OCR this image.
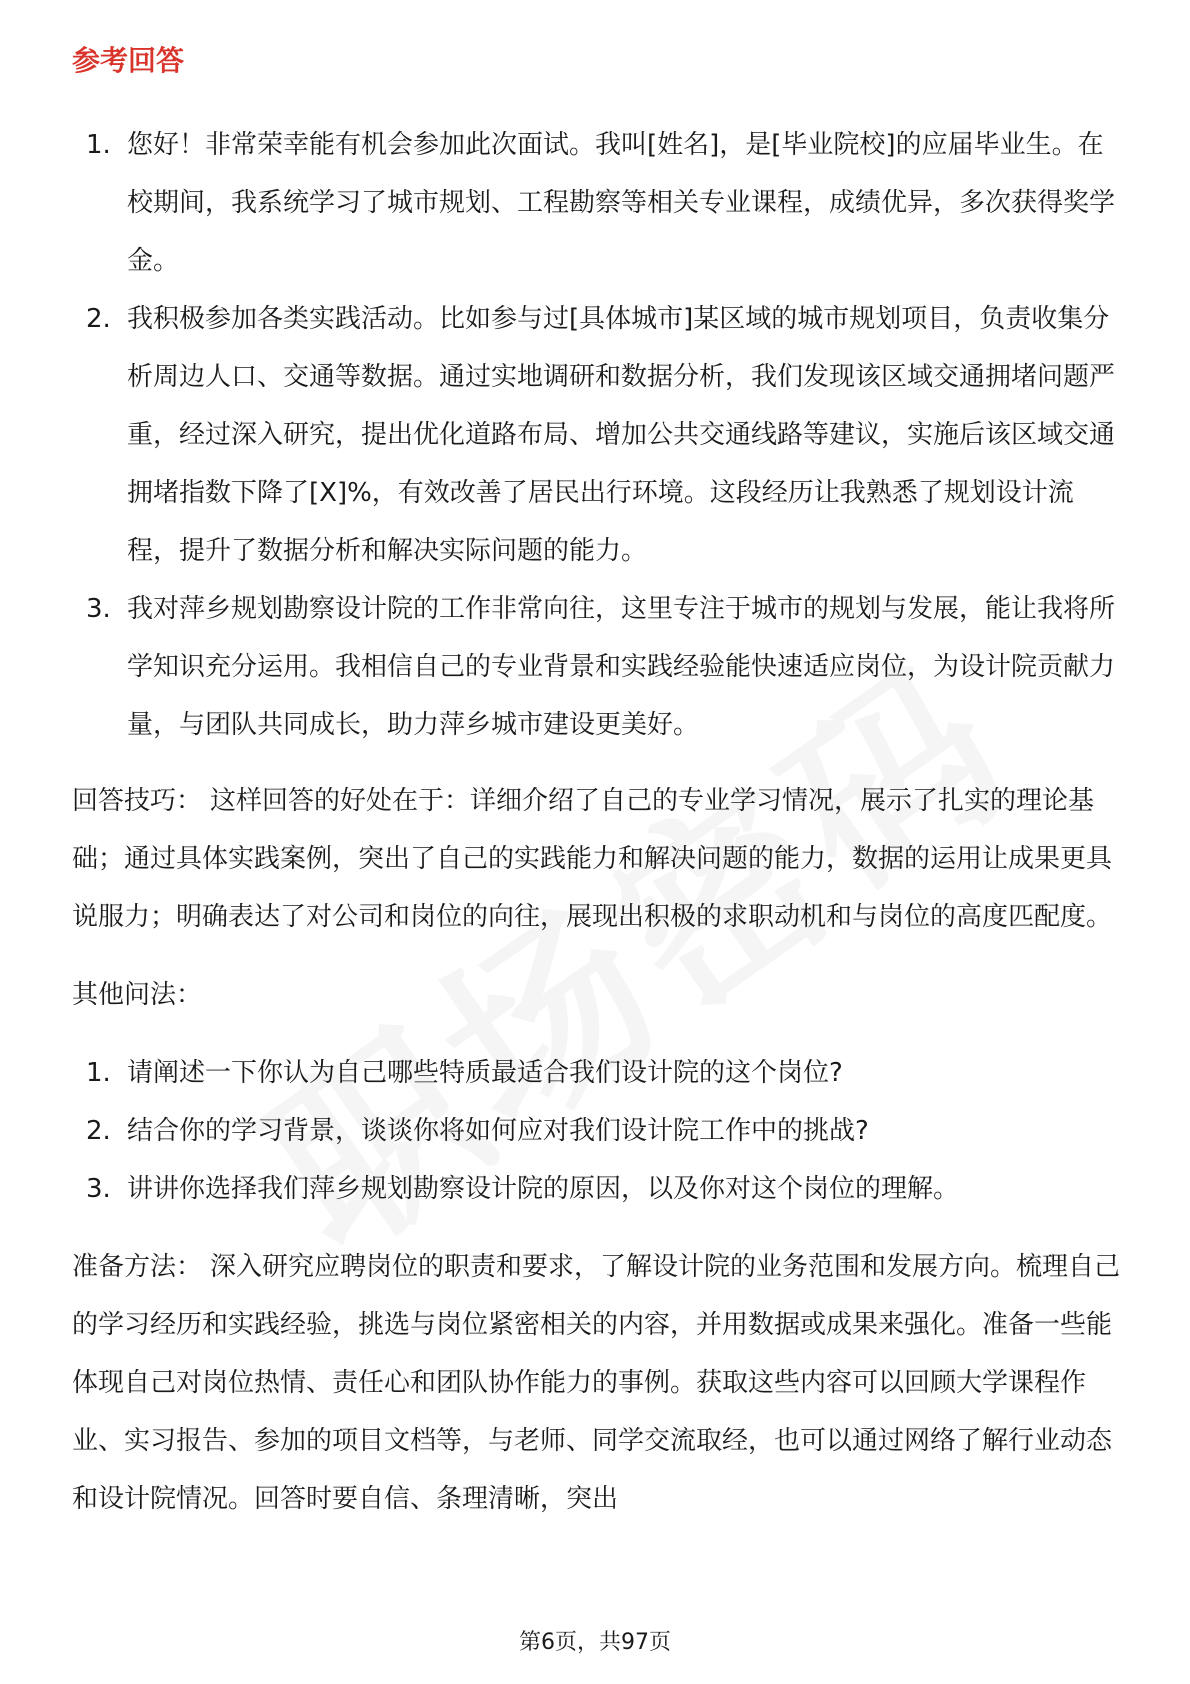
参考回答
1. 您好！非常荣幸能有机会参加此次面试。我叫[姓名]，是[毕业院校]的应届毕业生。在校期间，我系统学习了城市规划、工程勘察等相关专业课程，成绩优异，多次获得奖学金。
2. 我积极参加各类实践活动。比如参与过[具体城市]某区域的城市规划项目，负责收集分析周边人口、交通等数据。通过实地调研和数据分析，我们发现该区域交通拥堵问题严重，经过深入研究，提出优化道路布局、增加公共交通线路等建议，实施后该区域交通拥堵指数下降了[X]%，有效改善了居民出行环境。这段经历让我熟悉了规划设计流程，提升了数据分析和解决实际问题的能力。
3. 我对萍乡规划勘察设计院的工作非常向往，这里专注于城市的规划与发展，能让我将所学知识充分运用。我相信自己的专业背景和实践经验能快速适应岗位，为设计院贡献力量，与团队共同成长，助力萍乡城市建设更美好。

回答技巧： 这样回答的好处在于：详细介绍了自己的专业学习情况，展示了扎实的理论基础；通过具体实践案例，突出了自己的实践能力和解决问题的能力，数据的运用让成果更具说服力；明确表达了对公司和岗位的向往，展现出积极的求职动机和与岗位的高度匹配度。

其他问法：
1. 请阐述一下你认为自己哪些特质最适合我们设计院的这个岗位?
2. 结合你的学习背景，谈谈你将如何应对我们设计院工作中的挑战?
3. 讲讲你选择我们萍乡规划勘察设计院的原因，以及你对这个岗位的理解。

准备方法： 深入研究应聘岗位的职责和要求，了解设计院的业务范围和发展方向。梳理自己的学习经历和实践经验，挑选与岗位紧密相关的内容，并用数据或成果来强化。准备一些能体现自己对岗位热情、责任心和团队协作能力的事例。获取这些内容可以回顾大学课程作业、实习报告、参加的项目文档等，与老师、同学交流取经，也可以通过网络了解行业动态和设计院情况。回答时要自信、条理清晰，突出

第6页，共97页
